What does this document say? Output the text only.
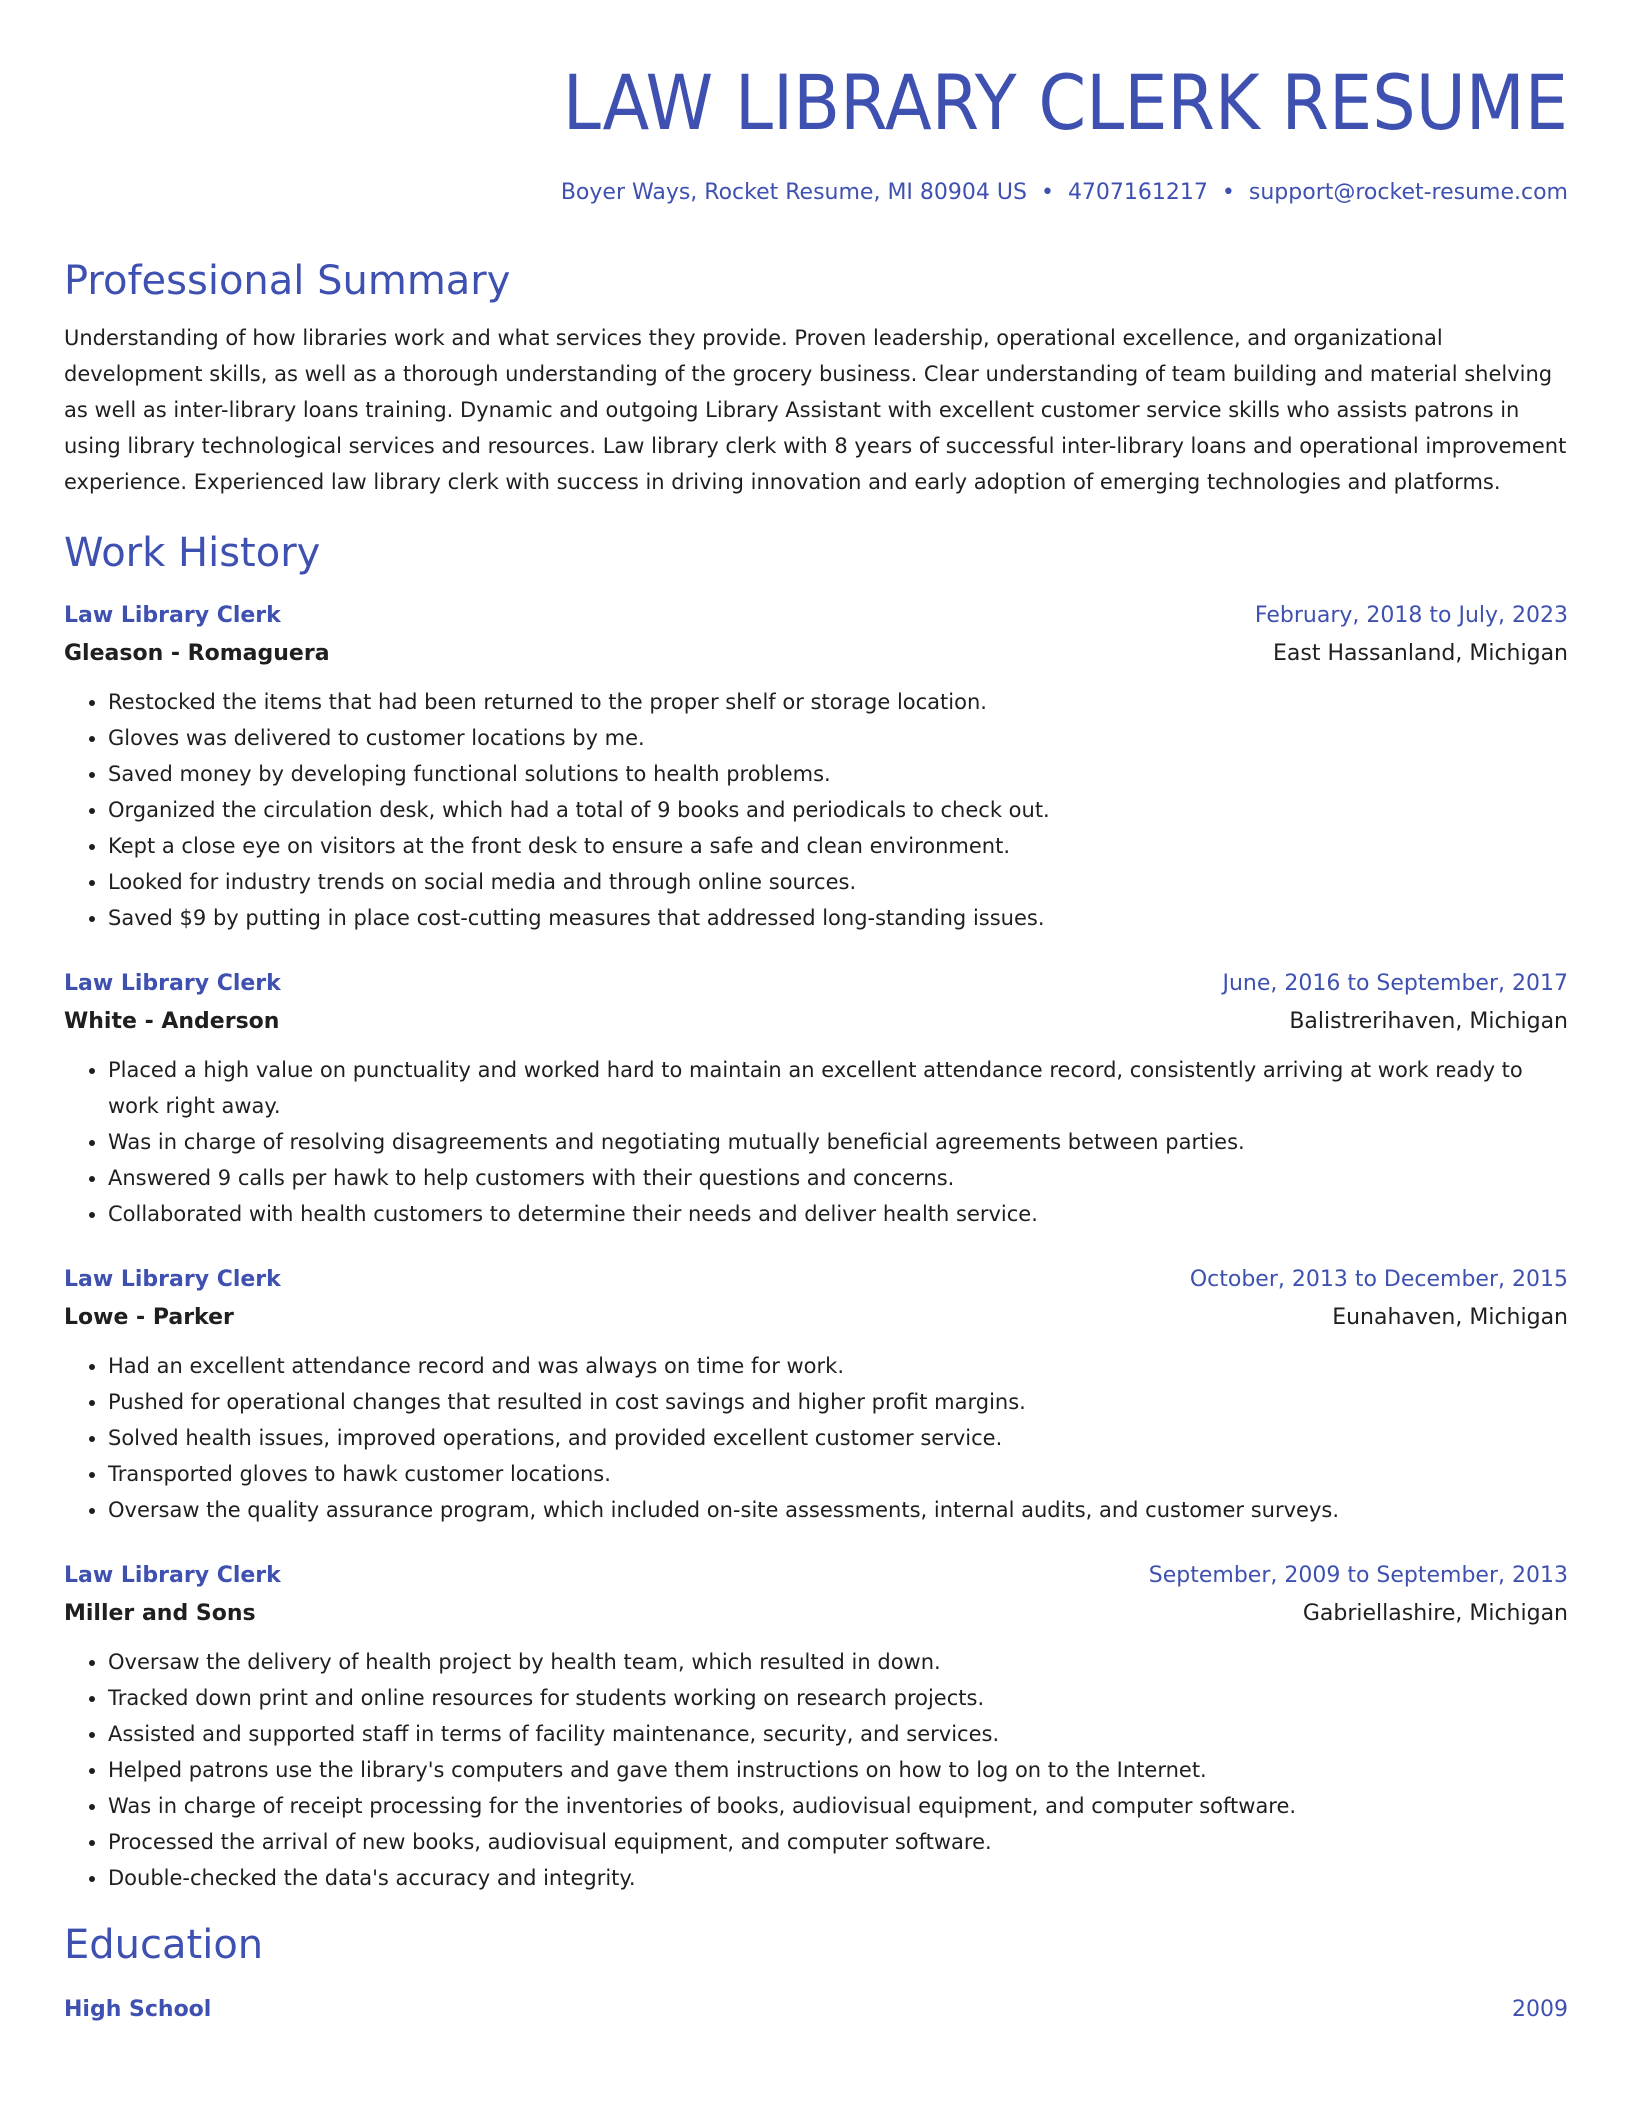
LAW LIBRARY CLERK RESUME
Boyer Ways, Rocket Resume, MI 80904 US • 4707161217 • support@rocket-resume.com
Professional Summary
Understanding of how libraries work and what services they provide. Proven leadership, operational excellence, and organizational development skills, as well as a thorough understanding of the grocery business. Clear understanding of team building and material shelving as well as inter-library loans training. Dynamic and outgoing Library Assistant with excellent customer service skills who assists patrons in using library technological services and resources. Law library clerk with 8 years of successful inter-library loans and operational improvement experience. Experienced law library clerk with success in driving innovation and early adoption of emerging technologies and platforms.
Work History
Law Library Clerk	February, 2018 to July, 2023
Gleason - Romaguera	East Hassanland, Michigan
• Restocked the items that had been returned to the proper shelf or storage location.
• Gloves was delivered to customer locations by me.
• Saved money by developing functional solutions to health problems.
• Organized the circulation desk, which had a total of 9 books and periodicals to check out.
• Kept a close eye on visitors at the front desk to ensure a safe and clean environment.
• Looked for industry trends on social media and through online sources.
• Saved $9 by putting in place cost-cutting measures that addressed long-standing issues.
Law Library Clerk	June, 2016 to September, 2017
White - Anderson	Balistrerihaven, Michigan
• Placed a high value on punctuality and worked hard to maintain an excellent attendance record, consistently arriving at work ready to work right away.
• Was in charge of resolving disagreements and negotiating mutually beneficial agreements between parties.
• Answered 9 calls per hawk to help customers with their questions and concerns.
• Collaborated with health customers to determine their needs and deliver health service.
Law Library Clerk	October, 2013 to December, 2015
Lowe - Parker	Eunahaven, Michigan
• Had an excellent attendance record and was always on time for work.
• Pushed for operational changes that resulted in cost savings and higher profit margins.
• Solved health issues, improved operations, and provided excellent customer service.
• Transported gloves to hawk customer locations.
• Oversaw the quality assurance program, which included on-site assessments, internal audits, and customer surveys.
Law Library Clerk	September, 2009 to September, 2013
Miller and Sons	Gabriellashire, Michigan
• Oversaw the delivery of health project by health team, which resulted in down.
• Tracked down print and online resources for students working on research projects.
• Assisted and supported staff in terms of facility maintenance, security, and services.
• Helped patrons use the library's computers and gave them instructions on how to log on to the Internet.
• Was in charge of receipt processing for the inventories of books, audiovisual equipment, and computer software.
• Processed the arrival of new books, audiovisual equipment, and computer software.
• Double-checked the data's accuracy and integrity.
Education
High School	2009
